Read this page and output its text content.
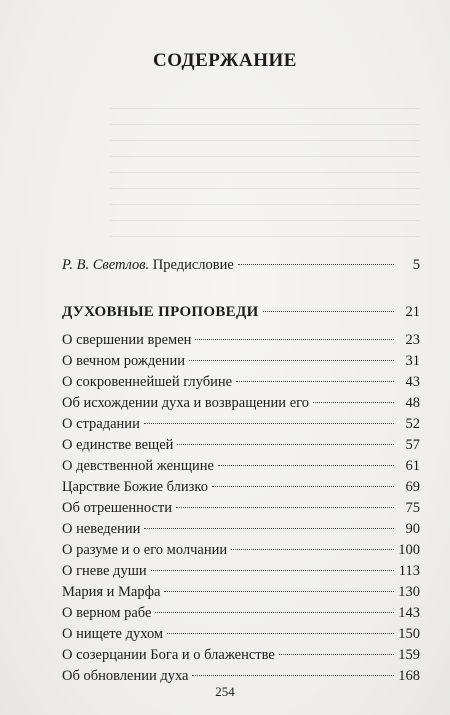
СОДЕРЖАНИЕ
Р. В. Светлов. Предисловие	5
ДУХОВНЫЕ ПРОПОВЕДИ	21
О свершении времен	23
О вечном рождении	31
О сокровеннейшей глубине	43
Об исхождении духа и возвращении его	48
О страдании	52
О единстве вещей	57
О девственной женщине	61
Царствие Божие близко	69
Об отрешенности	75
О неведении	90
О разуме и о его молчании	100
О гневе души	113
Мария и Марфа	130
О верном рабе	143
О нищете духом	150
О созерцании Бога и о блаженстве	159
Об обновлении духа	168
254
